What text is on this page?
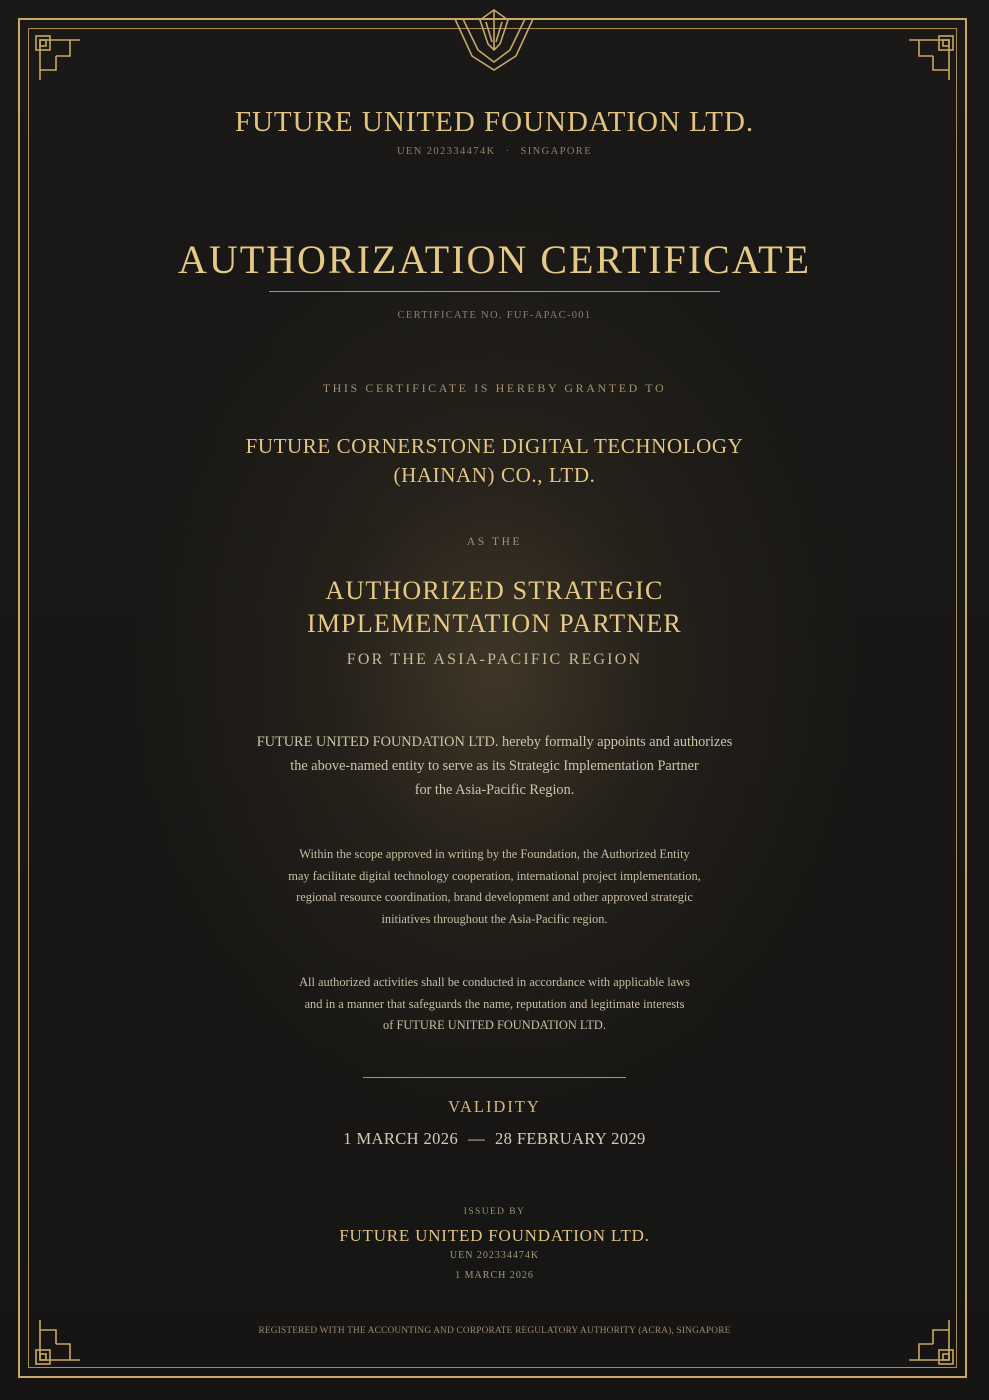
FUTURE UNITED FOUNDATION LTD.
UEN 202334474K · SINGAPORE
AUTHORIZATION CERTIFICATE
CERTIFICATE NO. FUF-APAC-001
THIS CERTIFICATE IS HEREBY GRANTED TO
FUTURE CORNERSTONE DIGITAL TECHNOLOGY
(HAINAN) CO., LTD.
AS THE
AUTHORIZED STRATEGIC
IMPLEMENTATION PARTNER
FOR THE ASIA-PACIFIC REGION
FUTURE UNITED FOUNDATION LTD. hereby formally appoints and authorizes
the above-named entity to serve as its Strategic Implementation Partner
for the Asia-Pacific Region.
Within the scope approved in writing by the Foundation, the Authorized Entity
may facilitate digital technology cooperation, international project implementation,
regional resource coordination, brand development and other approved strategic
initiatives throughout the Asia-Pacific region.
All authorized activities shall be conducted in accordance with applicable laws
and in a manner that safeguards the name, reputation and legitimate interests
of FUTURE UNITED FOUNDATION LTD.
VALIDITY
1 MARCH 2026 — 28 FEBRUARY 2029
ISSUED BY
FUTURE UNITED FOUNDATION LTD.
UEN 202334474K
1 MARCH 2026
REGISTERED WITH THE ACCOUNTING AND CORPORATE REGULATORY AUTHORITY (ACRA), SINGAPORE
